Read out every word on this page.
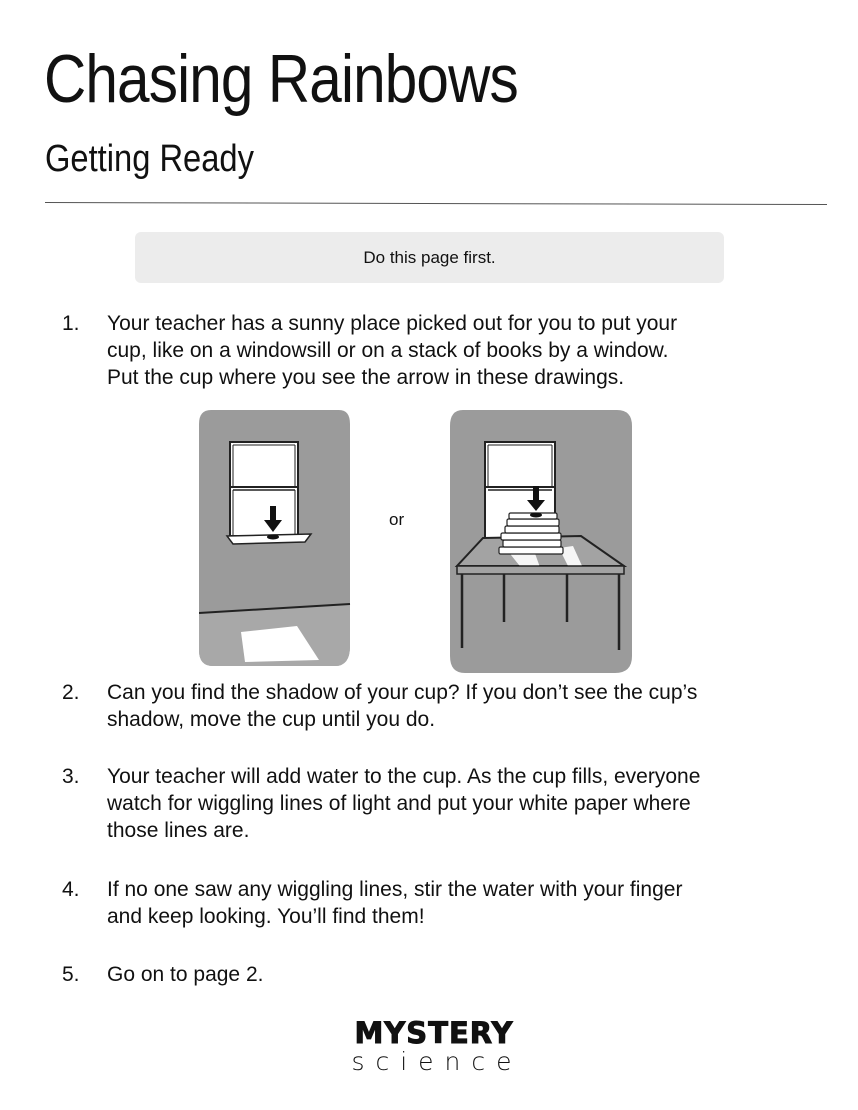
Chasing Rainbows
Getting Ready
Do this page first.
1.	Your teacher has a sunny place picked out for you to put your
cup, like on a windowsill or on a stack of books by a window.
Put the cup where you see the arrow in these drawings.
or
2.	Can you find the shadow of your cup? If you don’t see the cup’s
shadow, move the cup until you do.
3.	Your teacher will add water to the cup. As the cup fills, everyone
watch for wiggling lines of light and put your white paper where
those lines are.
4.	If no one saw any wiggling lines, stir the water with your finger
and keep looking. You’ll find them!
5.	Go on to page 2.
MYSTERY
science
